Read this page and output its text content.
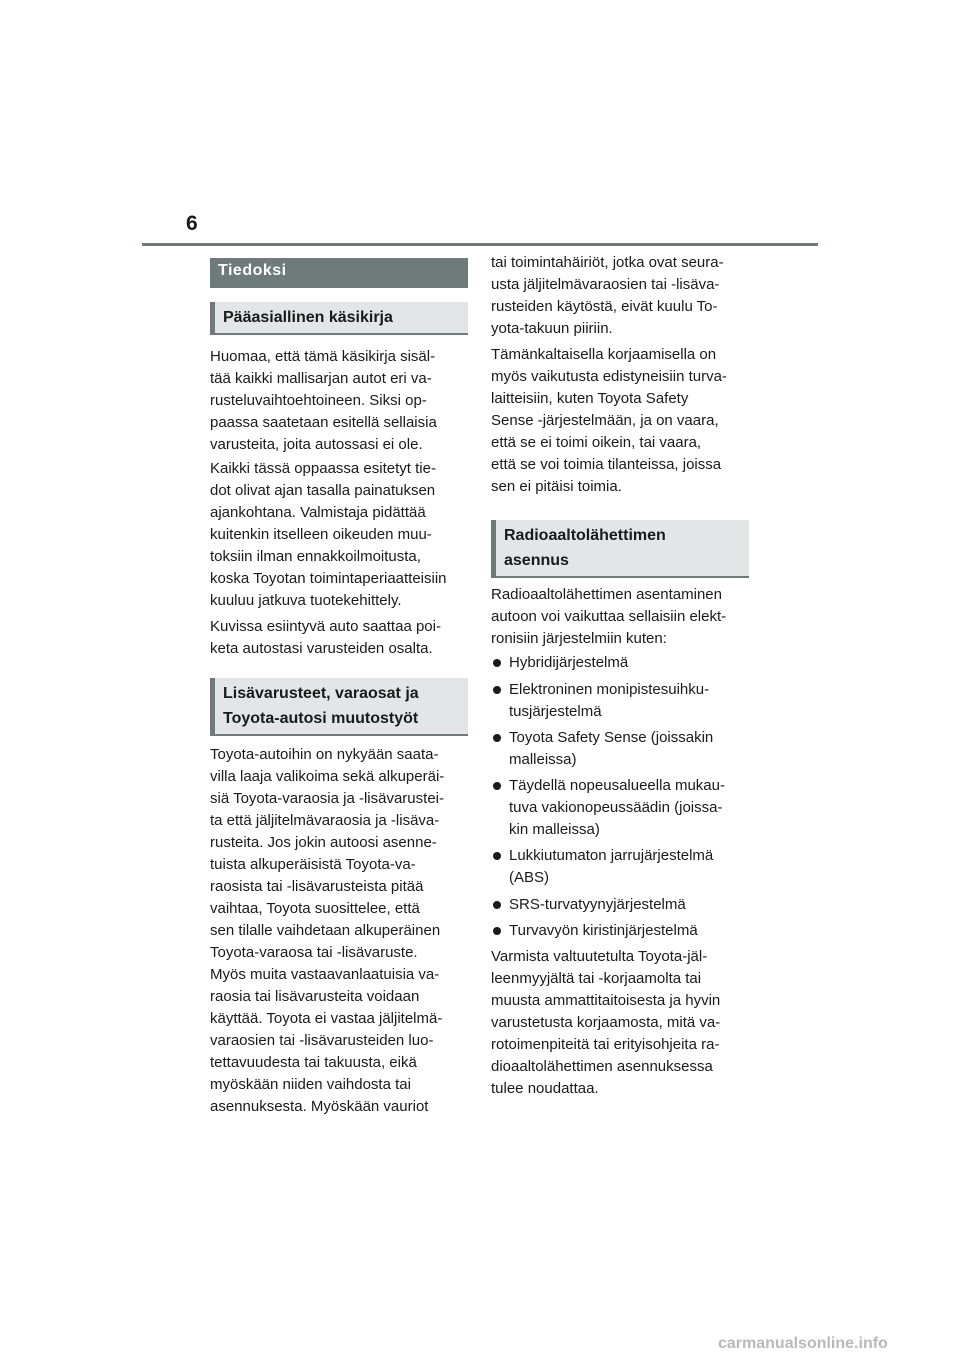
6
Tiedoksi
Pääasiallinen käsikirja

Huomaa, että tämä käsikirja sisäl-
tää kaikki mallisarjan autot eri va-
rusteluvaihtoehtoineen. Siksi op-
paassa saatetaan esitellä sellaisia
varusteita, joita autossasi ei ole.

Kaikki tässä oppaassa esitetyt tie-
dot olivat ajan tasalla painatuksen
ajankohtana. Valmistaja pidättää
kuitenkin itselleen oikeuden muu-
toksiin ilman ennakkoilmoitusta,
koska Toyotan toimintaperiaatteisiin
kuuluu jatkuva tuotekehittely.

Kuvissa esiintyvä auto saattaa poi-
keta autostasi varusteiden osalta.

Lisävarusteet, varaosat ja
Toyota-autosi muutostyöt

Toyota-autoihin on nykyään saata-
villa laaja valikoima sekä alkuperäi-
siä Toyota-varaosia ja -lisävarustei-
ta että jäljitelmävaraosia ja -lisäva-
rusteita. Jos jokin autoosi asenne-
tuista alkuperäisistä Toyota-va-
raosista tai -lisävarusteista pitää
vaihtaa, Toyota suosittelee, että
sen tilalle vaihdetaan alkuperäinen
Toyota-varaosa tai -lisävaruste.
Myös muita vastaavanlaatuisia va-
raosia tai lisävarusteita voidaan
käyttää. Toyota ei vastaa jäljitelmä-
varaosien tai -lisävarusteiden luo-
tettavuudesta tai takuusta, eikä
myöskään niiden vaihdosta tai
asennuksesta. Myöskään vauriot

tai toimintahäiriöt, jotka ovat seura-
usta jäljitelmävaraosien tai -lisäva-
rusteiden käytöstä, eivät kuulu To-
yota-takuun piiriin.

Tämänkaltaisella korjaamisella on
myös vaikutusta edistyneisiin turva-
laitteisiin, kuten Toyota Safety
Sense -järjestelmään, ja on vaara,
että se ei toimi oikein, tai vaara,
että se voi toimia tilanteissa, joissa
sen ei pitäisi toimia.

Radioaaltolähettimen
asennus

Radioaaltolähettimen asentaminen
autoon voi vaikuttaa sellaisiin elekt-
ronisiin järjestelmiin kuten:

Hybridijärjestelmä
Elektroninen monipistesuihku-
tusjärjestelmä
Toyota Safety Sense (joissakin
malleissa)
Täydellä nopeusalueella mukau-
tuva vakionopeussäädin (joissa-
kin malleissa)
Lukkiutumaton jarrujärjestelmä
(ABS)
SRS-turvatyynyjärjestelmä
Turvavyön kiristinjärjestelmä

Varmista valtuutetulta Toyota-jäl-
leenmyyjältä tai -korjaamolta tai
muusta ammattitaitoisesta ja hyvin
varustetusta korjaamosta, mitä va-
rotoimenpiteitä tai erityisohjeita ra-
dioaaltolähettimen asennuksessa
tulee noudattaa.

carmanualsonline.info
